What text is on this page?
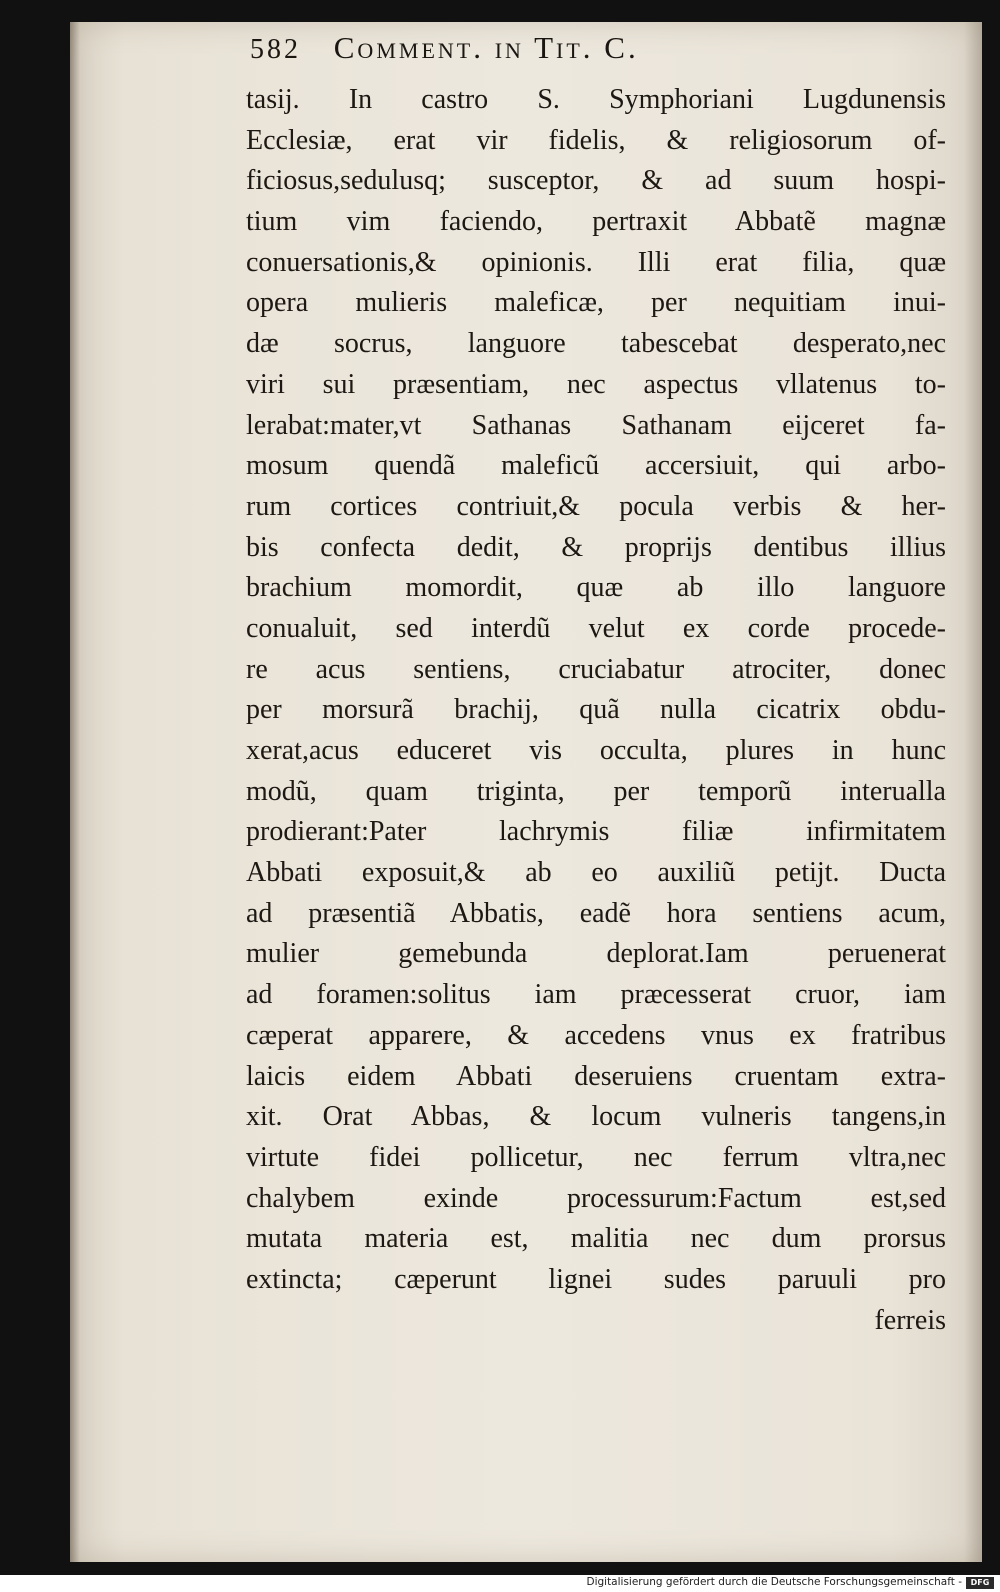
582 Comment. in Tit. C.
tasij. In castro S. Symphoriani Lugdunensis
Ecclesiæ, erat vir fidelis, & religiosorum of-
ficiosus,sedulusq; susceptor, & ad suum hospi-
tium vim faciendo, pertraxit Abbatẽ magnæ
conuersationis,& opinionis. Illi erat filia, quæ
opera mulieris maleficæ, per nequitiam inui-
dæ socrus, languore tabescebat desperato,nec
viri sui præsentiam, nec aspectus vllatenus to-
lerabat:mater,vt Sathanas Sathanam eijceret fa-
mosum quendã maleficũ accersiuit, qui arbo-
rum cortices contriuit,& pocula verbis & her-
bis confecta dedit, & proprijs dentibus illius
brachium momordit, quæ ab illo languore
conualuit, sed interdũ velut ex corde procede-
re acus sentiens, cruciabatur atrociter, donec
per morsurã brachij, quã nulla cicatrix obdu-
xerat,acus educeret vis occulta, plures in hunc
modũ, quam triginta, per temporũ interualla
prodierant:Pater lachrymis filiæ infirmitatem
Abbati exposuit,& ab eo auxiliũ petijt. Ducta
ad præsentiã Abbatis, eadẽ hora sentiens acum,
mulier gemebunda deplorat.Iam peruenerat
ad foramen:solitus iam præcesserat cruor, iam
cæperat apparere, & accedens vnus ex fratribus
laicis eidem Abbati deseruiens cruentam extra-
xit. Orat Abbas, & locum vulneris tangens,in
virtute fidei pollicetur, nec ferrum vltra,nec
chalybem exinde processurum:Factum est,sed
mutata materia est, malitia nec dum prorsus
extincta; cæperunt lignei sudes paruuli pro
ferreis
Digitalisierung gefördert durch die Deutsche Forschungsgemeinschaft -	DFG
